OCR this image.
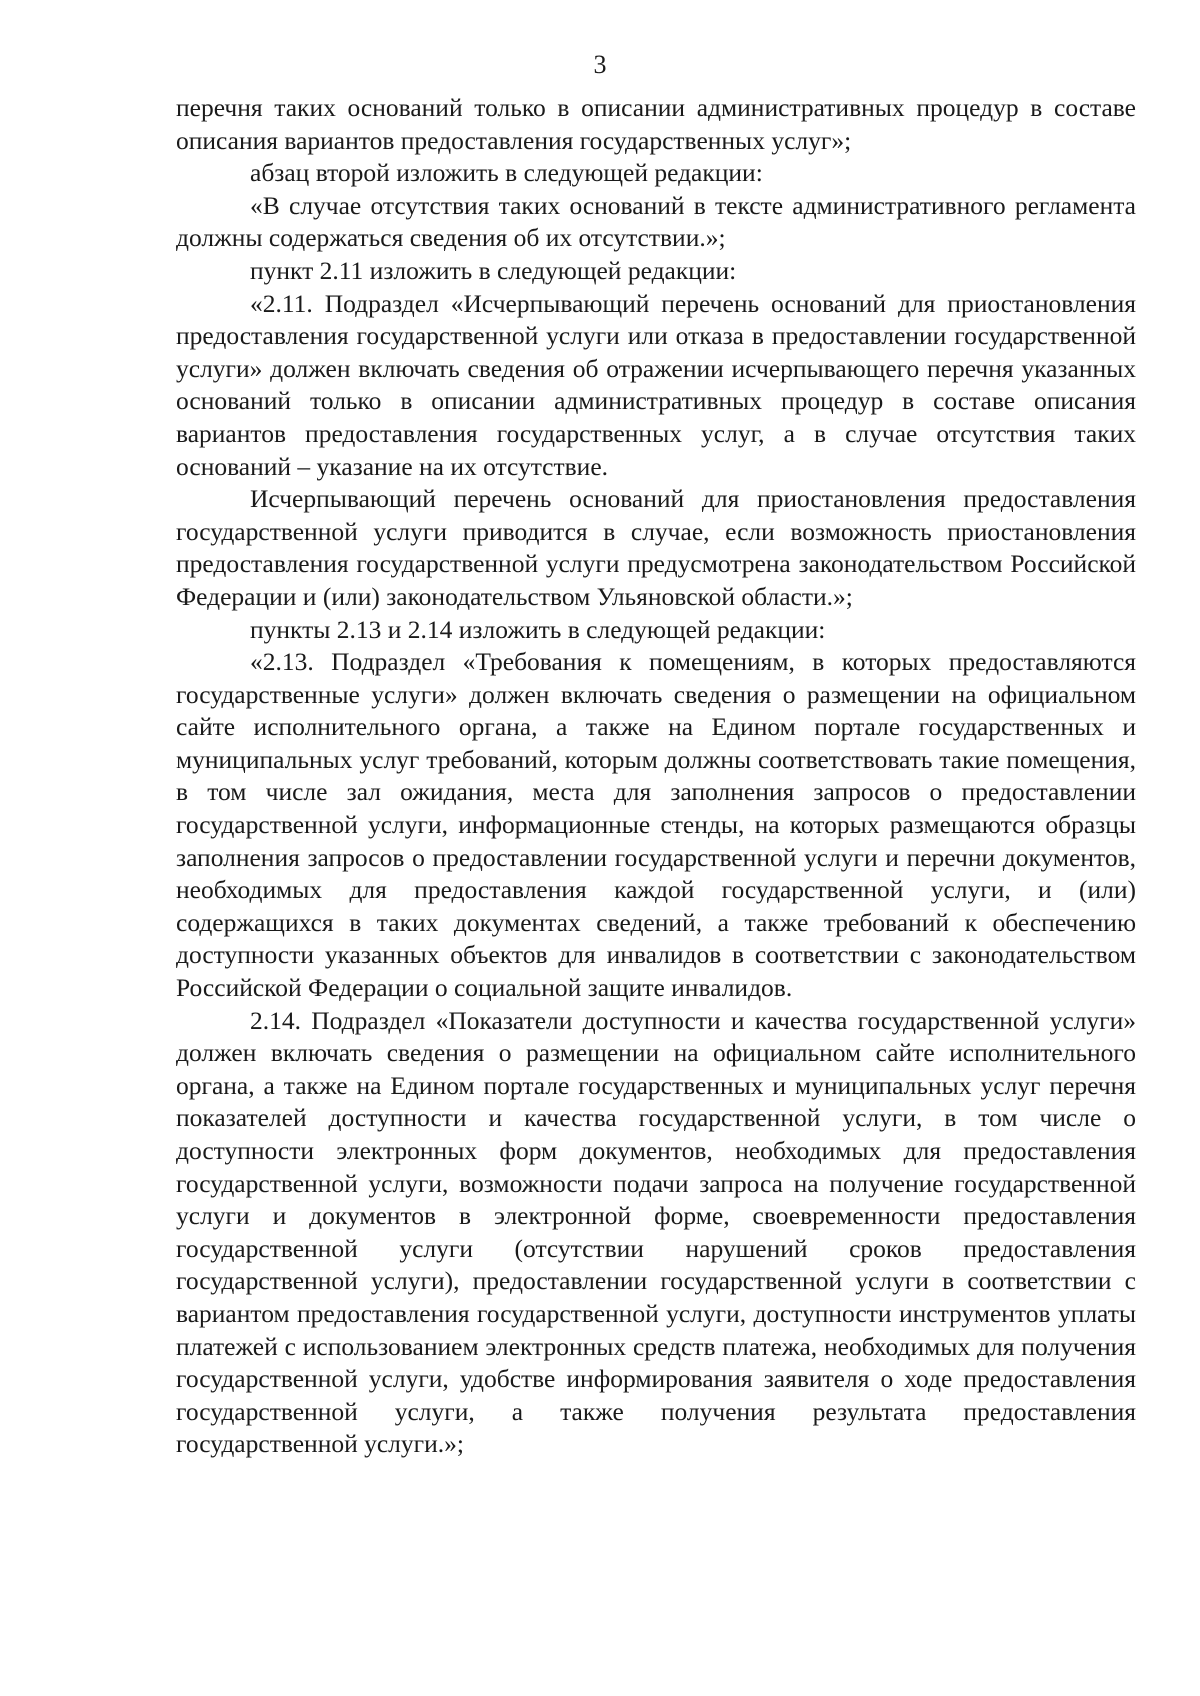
3

перечня таких оснований только в описании административных процедур в составе описания вариантов предоставления государственных услуг»;

абзац второй изложить в следующей редакции:

«В случае отсутствия таких оснований в тексте административного регламента должны содержаться сведения об их отсутствии.»;

пункт 2.11 изложить в следующей редакции:

«2.11. Подраздел «Исчерпывающий перечень оснований для приостановления предоставления государственной услуги или отказа в предоставлении государственной услуги» должен включать сведения об отражении исчерпывающего перечня указанных оснований только в описании административных процедур в составе описания вариантов предоставления государственных услуг, а в случае отсутствия таких оснований – указание на их отсутствие.

Исчерпывающий перечень оснований для приостановления предоставления государственной услуги приводится в случае, если возможность приостановления предоставления государственной услуги предусмотрена законодательством Российской Федерации и (или) законодательством Ульяновской области.»;

пункты 2.13 и 2.14 изложить в следующей редакции:

«2.13. Подраздел «Требования к помещениям, в которых предоставляются государственные услуги» должен включать сведения о размещении на официальном сайте исполнительного органа, а также на Едином портале государственных и муниципальных услуг требований, которым должны соответствовать такие помещения, в том числе зал ожидания, места для заполнения запросов о предоставлении государственной услуги, информационные стенды, на которых размещаются образцы заполнения запросов о предоставлении государственной услуги и перечни документов, необходимых для предоставления каждой государственной услуги, и (или) содержащихся в таких документах сведений, а также требований к обеспечению доступности указанных объектов для инвалидов в соответствии с законодательством Российской Федерации о социальной защите инвалидов.

2.14. Подраздел «Показатели доступности и качества государственной услуги» должен включать сведения о размещении на официальном сайте исполнительного органа, а также на Едином портале государственных и муниципальных услуг перечня показателей доступности и качества государственной услуги, в том числе о доступности электронных форм документов, необходимых для предоставления государственной услуги, возможности подачи запроса на получение государственной услуги и документов в электронной форме, своевременности предоставления государственной услуги (отсутствии нарушений сроков предоставления государственной услуги), предоставлении государственной услуги в соответствии с вариантом предоставления государственной услуги, доступности инструментов уплаты платежей с использованием электронных средств платежа, необходимых для получения государственной услуги, удобстве информирования заявителя о ходе предоставления государственной услуги, а также получения результата предоставления государственной услуги.»;
